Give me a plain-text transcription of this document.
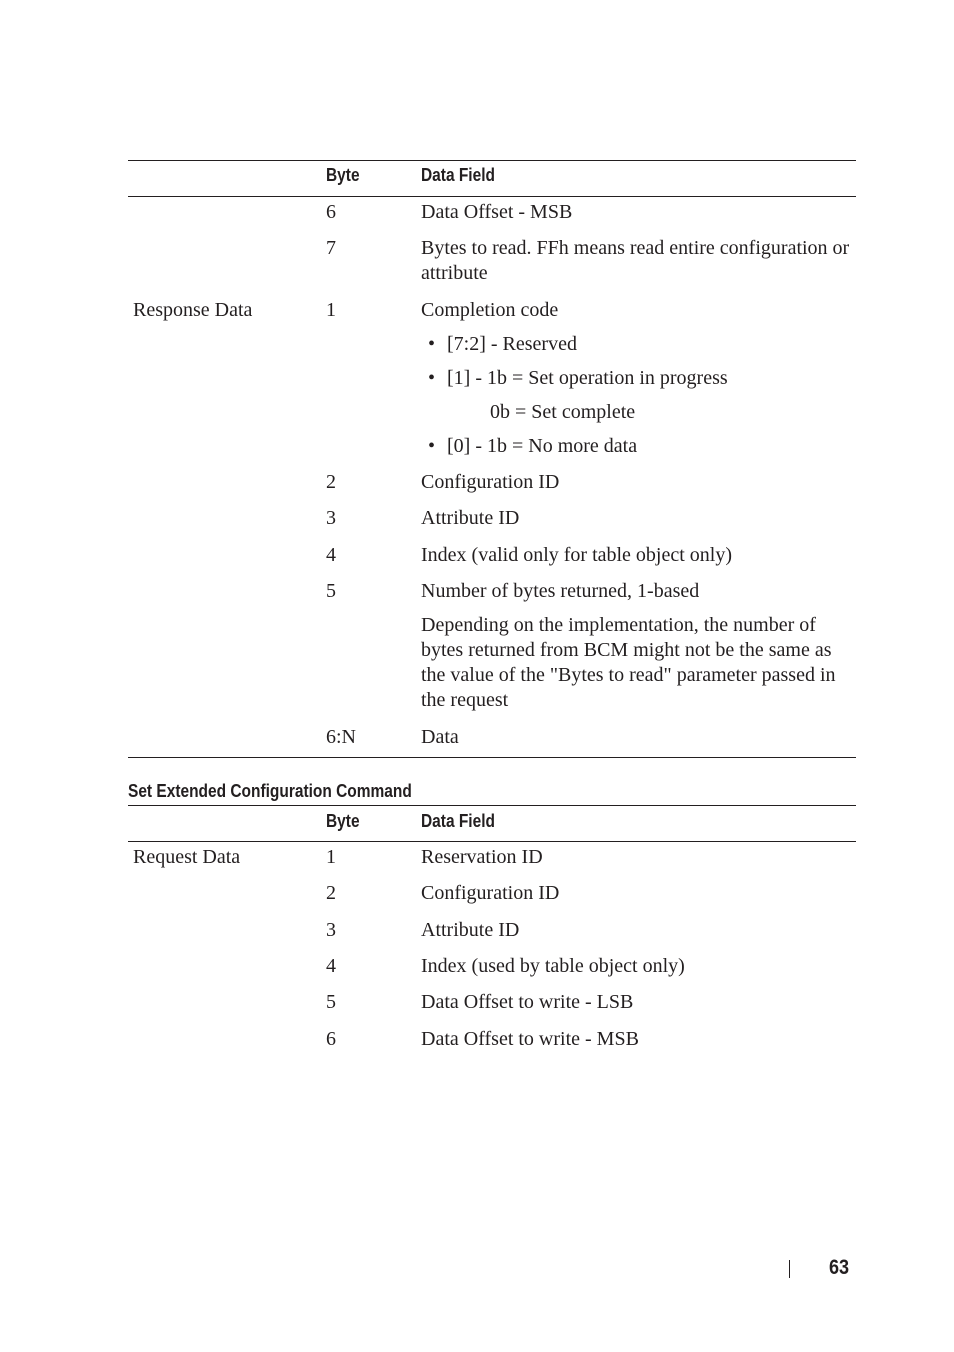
Byte	Data Field
6	Data Offset - MSB
7	Bytes to read. FFh means read entire configuration or attribute
Response Data	1	Completion code
• [7:2] - Reserved
• [1] - 1b = Set operation in progress
0b = Set complete
• [0] - 1b = No more data
2	Configuration ID
3	Attribute ID
4	Index (valid only for table object only)
5	Number of bytes returned, 1-based
Depending on the implementation, the number of bytes returned from BCM might not be the same as the value of the "Bytes to read" parameter passed in the request
6:N	Data
Set Extended Configuration Command
Byte	Data Field
Request Data	1	Reservation ID
2	Configuration ID
3	Attribute ID
4	Index (used by table object only)
5	Data Offset to write - LSB
6	Data Offset to write - MSB
63
